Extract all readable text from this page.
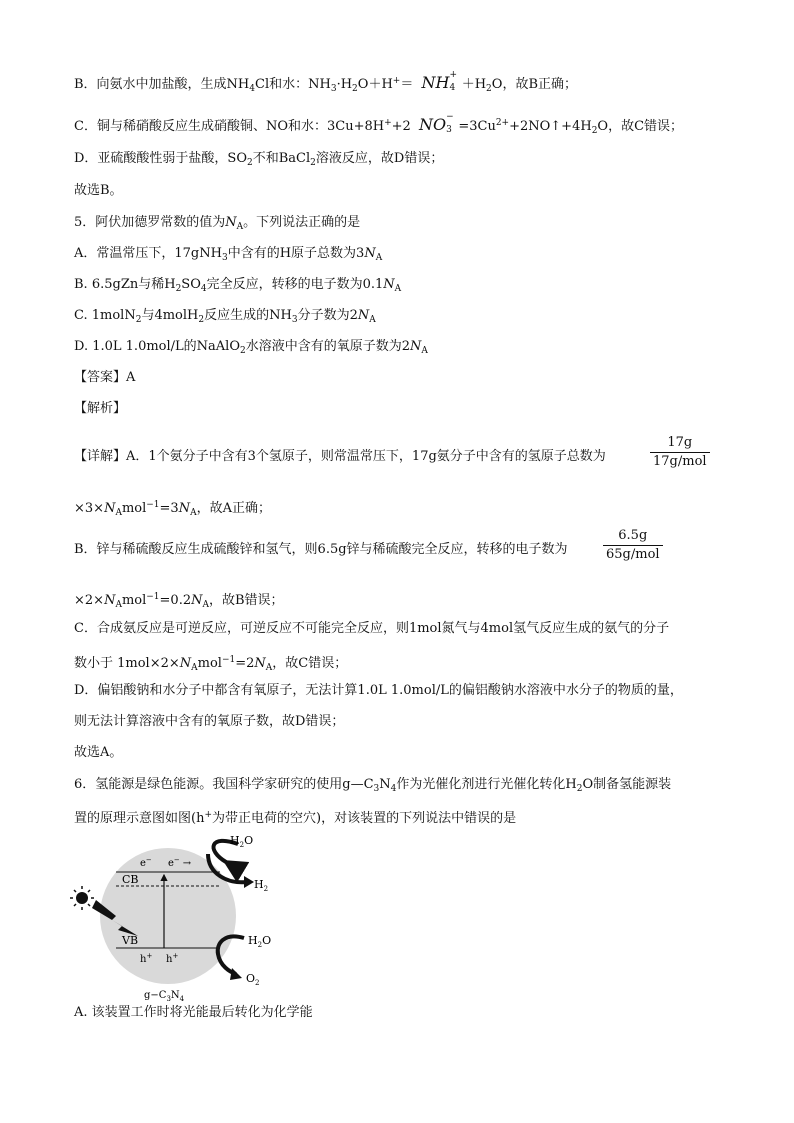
B．向氨水中加盐酸，生成$NH_4Cl$和水：$NH_3\cdot H_2O+H^+=$ NH +
$4 +H_2O$，故B正确；
C．铜与稀硝酸反应生成硝酸铜、NO和水：3Cu+8H++2 NO −
$3 =3Cu^{2+}+2NO↑+4H_2O$，故C错误；
D．亚硫酸酸性弱于盐酸，$SO_2$不和BaCl$_2$溶液反应，故D错误；
故选B。
5．阿伏加德罗常数的值为$N_A$。下列说法正确的是
A．常温常压下，17gNH$_3$中含有的H原子总数为$3N_A$
B. 6.5gZn与稀$H_2SO_4$完全反应，转移的电子数为$0.1N_A$
C. 1molN$_2$与4molH$_2$反应生成的$NH_3$分子数为$2N_A$
D. 1.0L 1.0mol/L的NaAlO$_2$水溶液中含有的氧原子数为$2N_A$
【答案】A
【解析】
【详解】A．1个氨分子中含有3个氢原子，则常温常压下，17g氨分子中含有的氢原子总数为
17g
17g/mol
$\times 3\times N_Amol^{-1}=3N_A$，故A正确；
B．锌与稀硫酸反应生成硫酸锌和氢气，则6.5g锌与稀硫酸完全反应，转移的电子数为
6.5g
65g/mol
$\times 2\times N_Amol^{-1}=0.2N_A$，故B错误；
C．合成氨反应是可逆反应，可逆反应不可能完全反应，则1mol氮气与4mol氢气反应生成的氨气的分子
数小于 $1mol\times 2\times N_Amol^{-1}=2N_A$，故C错误；
D．偏铝酸钠和水分子中都含有氧原子，无法计算1.0L 1.0mol/L的偏铝酸钠水溶液中水分子的物质的量，
则无法计算溶液中含有的氧原子数，故D错误；
故选A。
6．氢能源是绿色能源。我国科学家研究的使用$g—C_3N_4$作为光催化剂进行光催化转化$H_2O$制备氢能源装
置的原理示意图如图(h+为带正电荷的空穴)，对该装置的下列说法中错误的是
e− e− →
CB
VB
h+ h+
$H_2O$
$H_2$
$H_2O$
$O_2$
$g-C_3N_4$
A. 该装置工作时将光能最后转化为化学能
